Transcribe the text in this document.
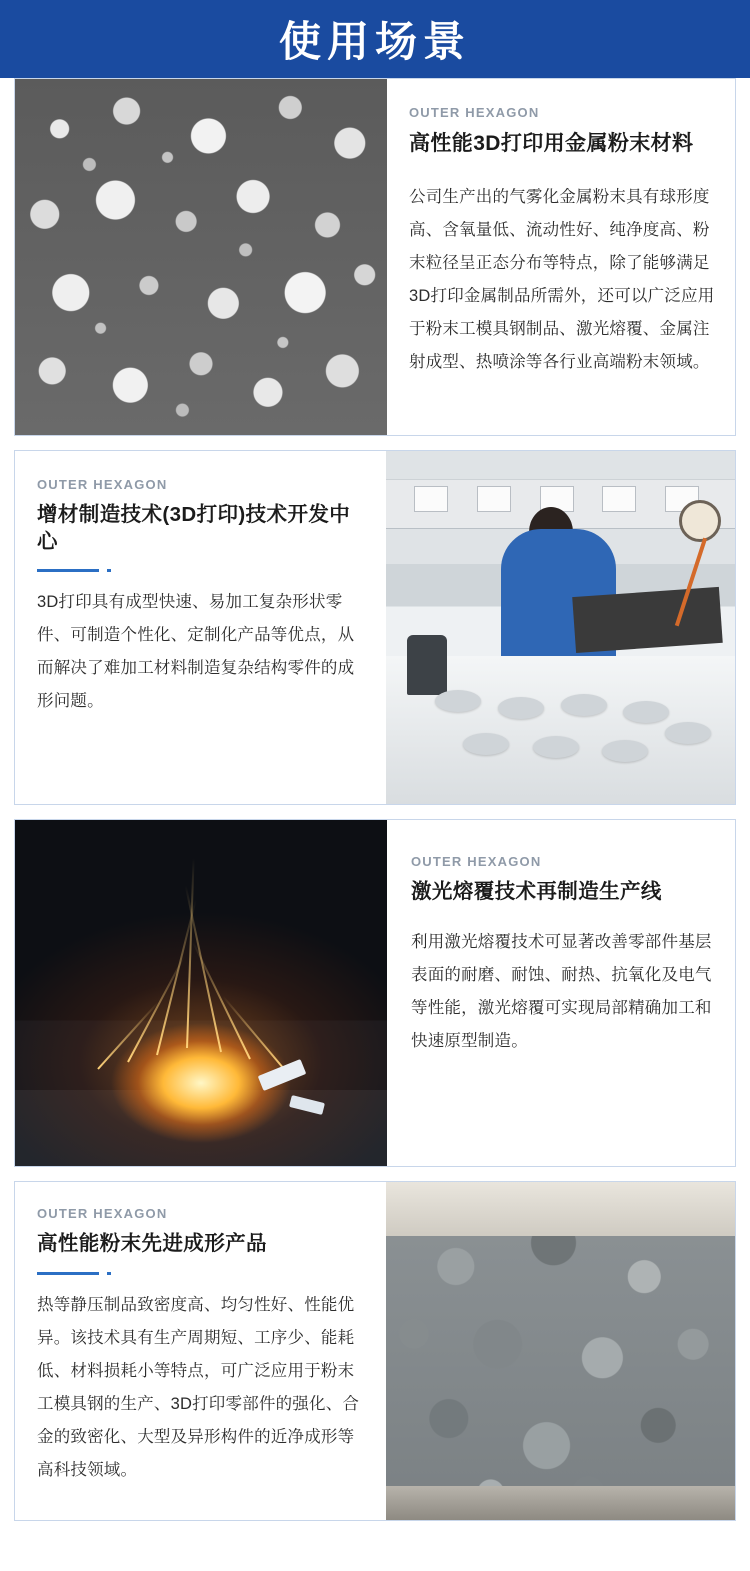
使用场景
OUTER HEXAGON
高性能3D打印用金属粉末材料
公司生产出的气雾化金属粉末具有球形度高、含氧量低、流动性好、纯净度高、粉末粒径呈正态分布等特点，除了能够满足3D打印金属制品所需外，还可以广泛应用于粉末工模具钢制品、激光熔覆、金属注射成型、热喷涂等各行业高端粉末领域。
OUTER HEXAGON
增材制造技术(3D打印)技术开发中心
3D打印具有成型快速、易加工复杂形状零件、可制造个性化、定制化产品等优点，从而解决了难加工材料制造复杂结构零件的成形问题。
OUTER HEXAGON
激光熔覆技术再制造生产线
利用激光熔覆技术可显著改善零部件基层表面的耐磨、耐蚀、耐热、抗氧化及电气等性能，激光熔覆可实现局部精确加工和快速原型制造。
OUTER HEXAGON
高性能粉末先进成形产品
热等静压制品致密度高、均匀性好、性能优异。该技术具有生产周期短、工序少、能耗低、材料损耗小等特点，可广泛应用于粉末工模具钢的生产、3D打印零部件的强化、合金的致密化、大型及异形构件的近净成形等高科技领域。
